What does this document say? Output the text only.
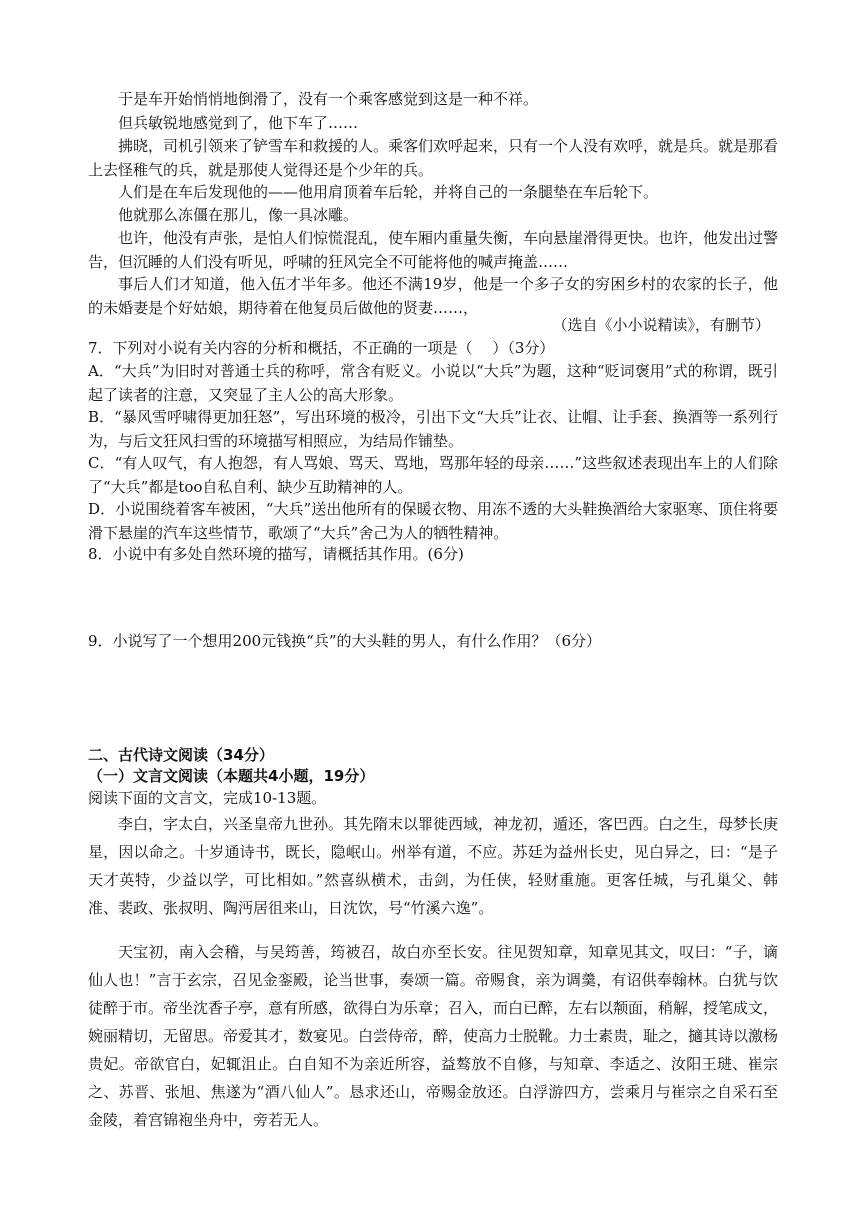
于是车开始悄悄地倒滑了，没有一个乘客感觉到这是一种不祥。

但兵敏锐地感觉到了，他下车了……

拂晓，司机引领来了铲雪车和救援的人。乘客们欢呼起来，只有一个人没有欢呼，就是兵。就是那看上去怪稚气的兵，就是那使人觉得还是个少年的兵。

人们是在车后发现他的——他用肩顶着车后轮，并将自己的一条腿垫在车后轮下。

他就那么冻僵在那儿，像一具冰雕。

也许，他没有声张，是怕人们惊慌混乱，使车厢内重量失衡，车向悬崖滑得更快。也许，他发出过警告，但沉睡的人们没有听见，呼啸的狂风完全不可能将他的喊声掩盖……

事后人们才知道，他入伍才半年多。他还不满19岁，他是一个多子女的穷困乡村的农家的长子，他的未婚妻是个好姑娘，期待着在他复员后做他的贤妻……，

（选自《小小说精读》，有删节）

7．下列对小说有关内容的分析和概括，不正确的一项是（　 ）（3分）

A．“大兵”为旧时对普通士兵的称呼，常含有贬义。小说以“大兵”为题，这种“贬词褒用”式的称谓，既引起了读者的注意，又突显了主人公的高大形象。

B．“暴风雪呼啸得更加狂怒”，写出环境的极冷，引出下文“大兵”让衣、让帽、让手套、换酒等一系列行为，与后文狂风扫雪的环境描写相照应，为结局作铺垫。

C．“有人叹气，有人抱怨，有人骂娘、骂天、骂地，骂那年轻的母亲……”这些叙述表现出车上的人们除了“大兵”都是too自私自利、缺少互助精神的人。

D．小说围绕着客车被困，“大兵”送出他所有的保暖衣物、用冻不透的大头鞋换酒给大家驱寒、顶住将要滑下悬崖的汽车这些情节，歌颂了“大兵”舍己为人的牺牲精神。

8．小说中有多处自然环境的描写，请概括其作用。(6分)

9．小说写了一个想用200元钱换“兵”的大头鞋的男人，有什么作用？（6分）

二、古代诗文阅读（34分）

（一）文言文阅读（本题共4小题，19分）

阅读下面的文言文，完成10-13题。

李白，字太白，兴圣皇帝九世孙。其先隋末以罪徙西域，神龙初，遁还，客巴西。白之生，母梦长庚星，因以命之。十岁通诗书，既长，隐岷山。州举有道，不应。苏廷为益州长史，见白异之，曰：“是子天才英特，少益以学，可比相如。”然喜纵横术，击剑，为任侠，轻财重施。更客任城，与孔巢父、韩准、裴政、张叔明、陶沔居徂来山，日沈饮，号“竹溪六逸”。

天宝初，南入会稽，与吴筠善，筠被召，故白亦至长安。往见贺知章，知章见其文，叹曰：“子，谪仙人也！”言于玄宗，召见金銮殿，论当世事，奏颂一篇。帝赐食，亲为调羹，有诏供奉翰林。白犹与饮徒醉于市。帝坐沈香子亭，意有所感，欲得白为乐章；召入，而白已醉，左右以颒面，稍解，授笔成文，婉丽精切，无留思。帝爱其才，数宴见。白尝侍帝，醉，使高力士脱靴。力士素贵，耻之，擿其诗以激杨贵妃。帝欲官白，妃辄沮止。白自知不为亲近所容，益骜放不自修，与知章、李适之、汝阳王琎、崔宗之、苏晋、张旭、焦遂为“酒八仙人”。恳求还山，帝赐金放还。白浮游四方，尝乘月与崔宗之自采石至金陵，着宫锦袍坐舟中，旁若无人。
